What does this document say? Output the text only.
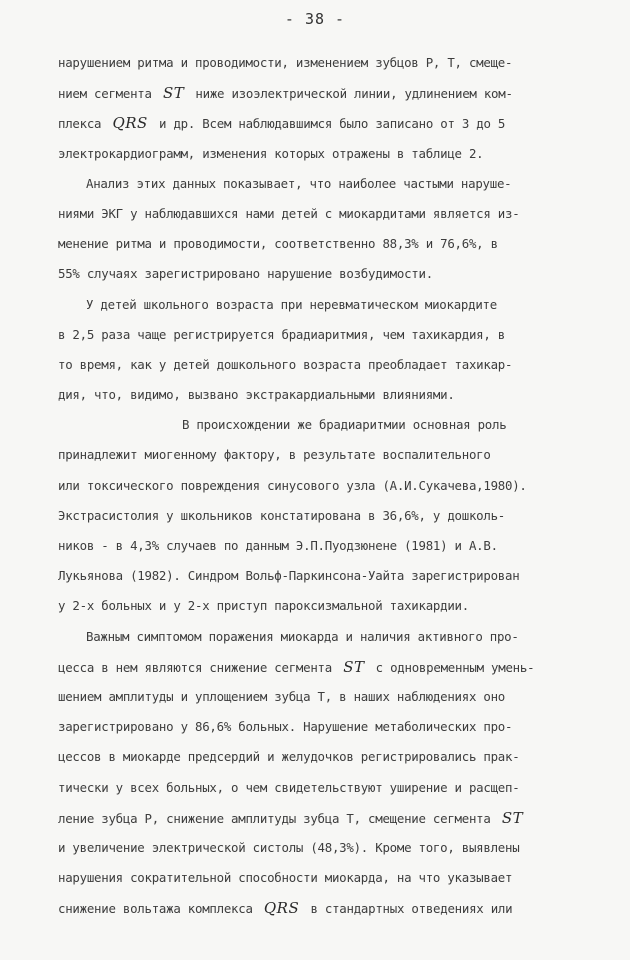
- 38 -
нарушением ритма и проводимости, изменением зубцов Р, Т, смеще-
нием сегмента ST ниже изоэлектрической линии, удлинением ком-
плекса QRS и др. Всем наблюдавшимся было записано от 3 до 5
электрокардиограмм, изменения которых отражены в таблице 2.
Анализ этих данных показывает, что наиболее частыми наруше-
ниями ЭКГ у наблюдавшихся нами детей с миокардитами является из-
менение ритма и проводимости, соответственно 88,3% и 76,6%, в
55% случаях зарегистрировано нарушение возбудимости.
У детей школьного возраста при неревматическом миокардите
в 2,5 раза чаще регистрируется брадиаритмия, чем тахикардия, в
то время, как у детей дошкольного возраста преобладает тахикар-
дия, что, видимо, вызвано экстракардиальными влияниями.
В происхождении же брадиаритмии основная роль
принадлежит миогенному фактору, в результате воспалительного
или токсического повреждения синусового узла (А.И.Сукачева,1980).
Экстрасистолия у школьников констатирована в 36,6%, у дошколь-
ников - в 4,3% случаев по данным Э.П.Пуодзюнене (1981) и А.В.
Лукьянова (1982). Синдром Вольф-Паркинсона-Уайта зарегистрирован
у 2-х больных и у 2-х приступ пароксизмальной тахикардии.
Важным симптомом поражения миокарда и наличия активного про-
цесса в нем являются снижение сегмента ST с одновременным умень-
шением амплитуды и уплощением зубца Т, в наших наблюдениях оно
зарегистрировано у 86,6% больных. Нарушение метаболических про-
цессов в миокарде предсердий и желудочков регистрировались прак-
тически у всех больных, о чем свидетельствуют уширение и расщеп-
ление зубца Р, снижение амплитуды зубца Т, смещение сегмента ST
и увеличение электрической систолы (48,3%). Кроме того, выявлены
нарушения сократительной способности миокарда, на что указывает
снижение вольтажа комплекса QRS в стандартных отведениях или
